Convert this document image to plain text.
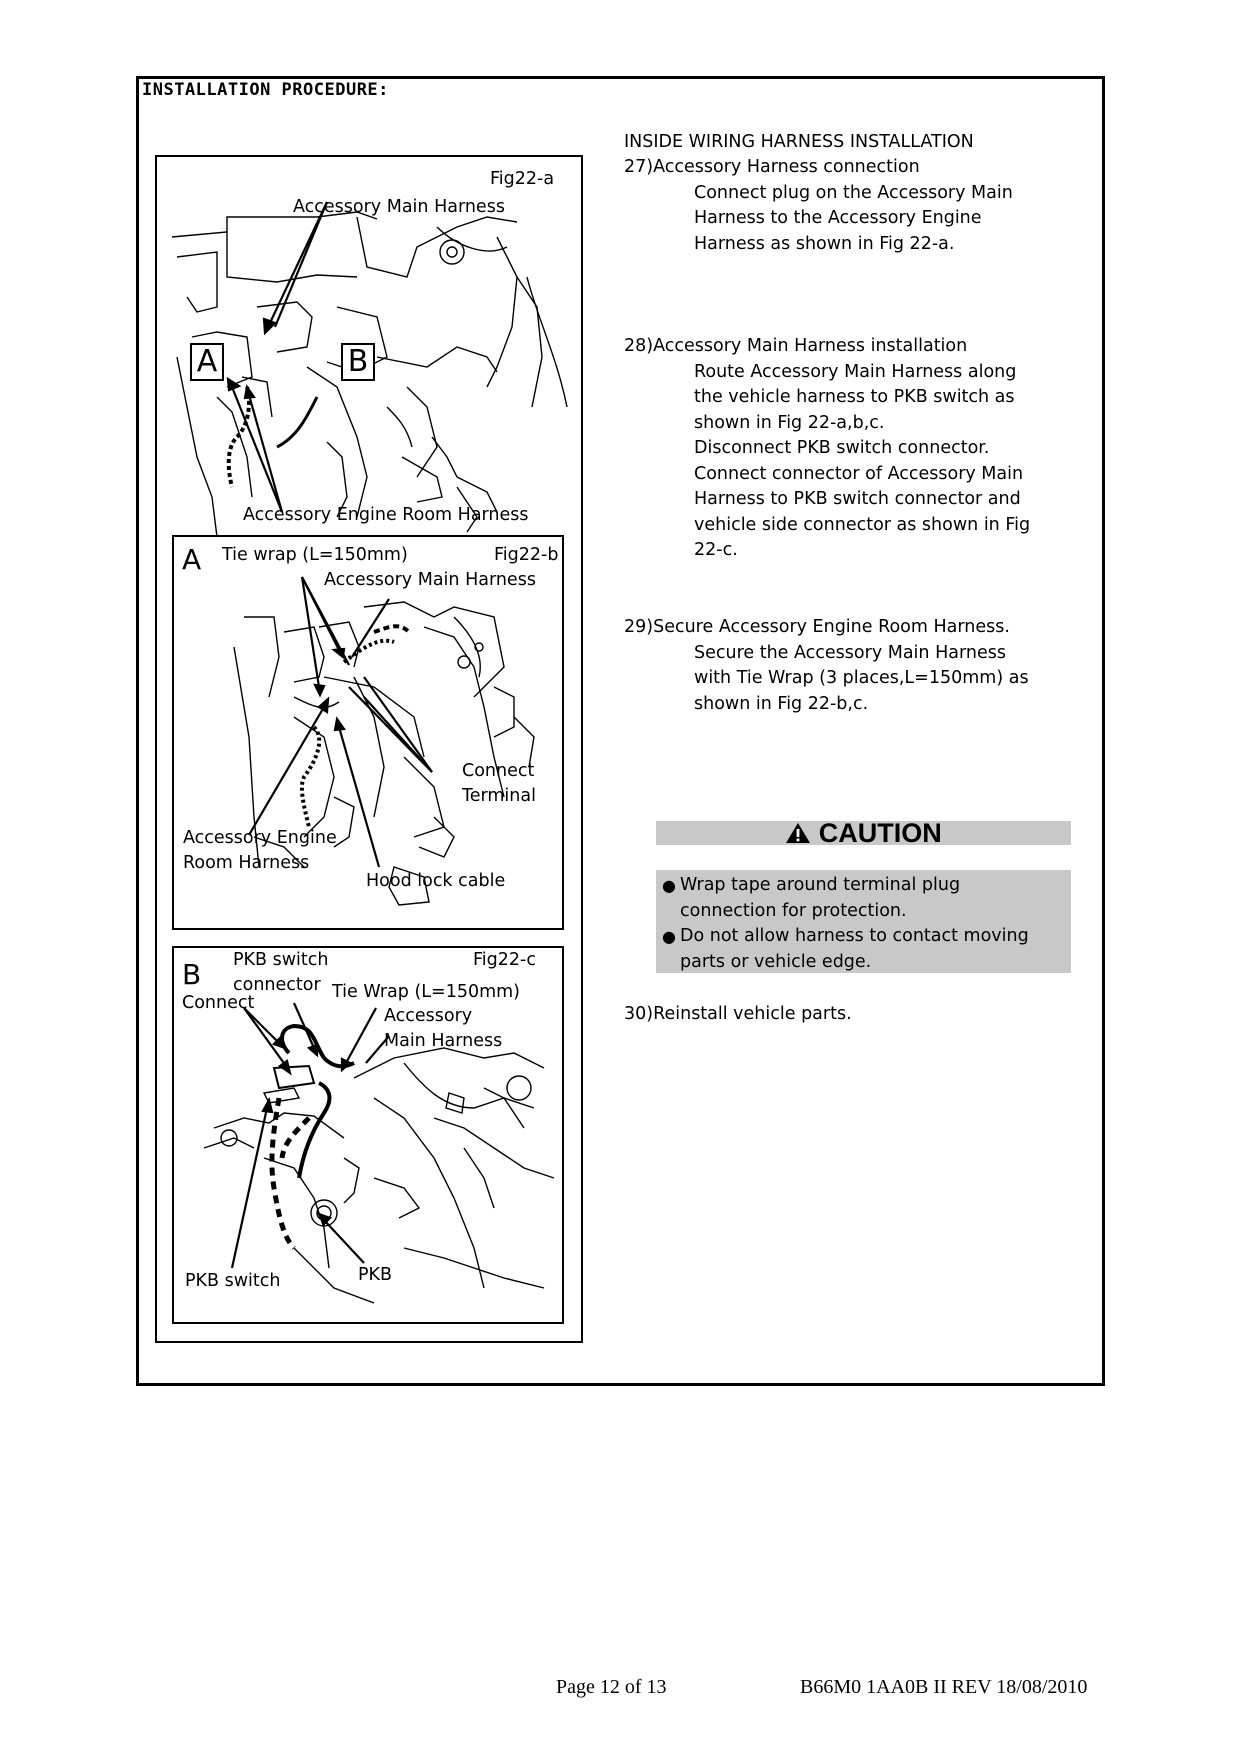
INSTALLATION PROCEDURE:
Fig22-a
Accessory Main Harness
A	B
Accessory Engine Room Harness
A Tie wrap (L=150mm)	Fig22-b
Accessory Main Harness
Connect
Terminal
Accessory Engine
Room Harness
Hood lock cable
B PKB switch
connector
Fig22-c
Connect
Tie Wrap (L=150mm)
Accessory
Main Harness
PKB switch	PKB
INSIDE WIRING HARNESS INSTALLATION
27)Accessory Harness connection
Connect plug on the Accessory Main
Harness to the Accessory Engine
Harness as shown in Fig 22-a.
28)Accessory Main Harness installation
Route Accessory Main Harness along
the vehicle harness to PKB switch as
shown in Fig 22-a,b,c.
Disconnect PKB switch connector.
Connect connector of Accessory Main
Harness to PKB switch connector and
vehicle side connector as shown in Fig
22-c.
29)Secure Accessory Engine Room Harness.
Secure the Accessory Main Harness
with Tie Wrap (3 places,L=150mm) as
shown in Fig 22-b,c.
CAUTION
● Wrap tape around terminal plug
connection for protection.
● Do not allow harness to contact moving
parts or vehicle edge.
30)Reinstall vehicle parts.
Page 12 of 13	B66M0 1AA0B II REV 18/08/2010
